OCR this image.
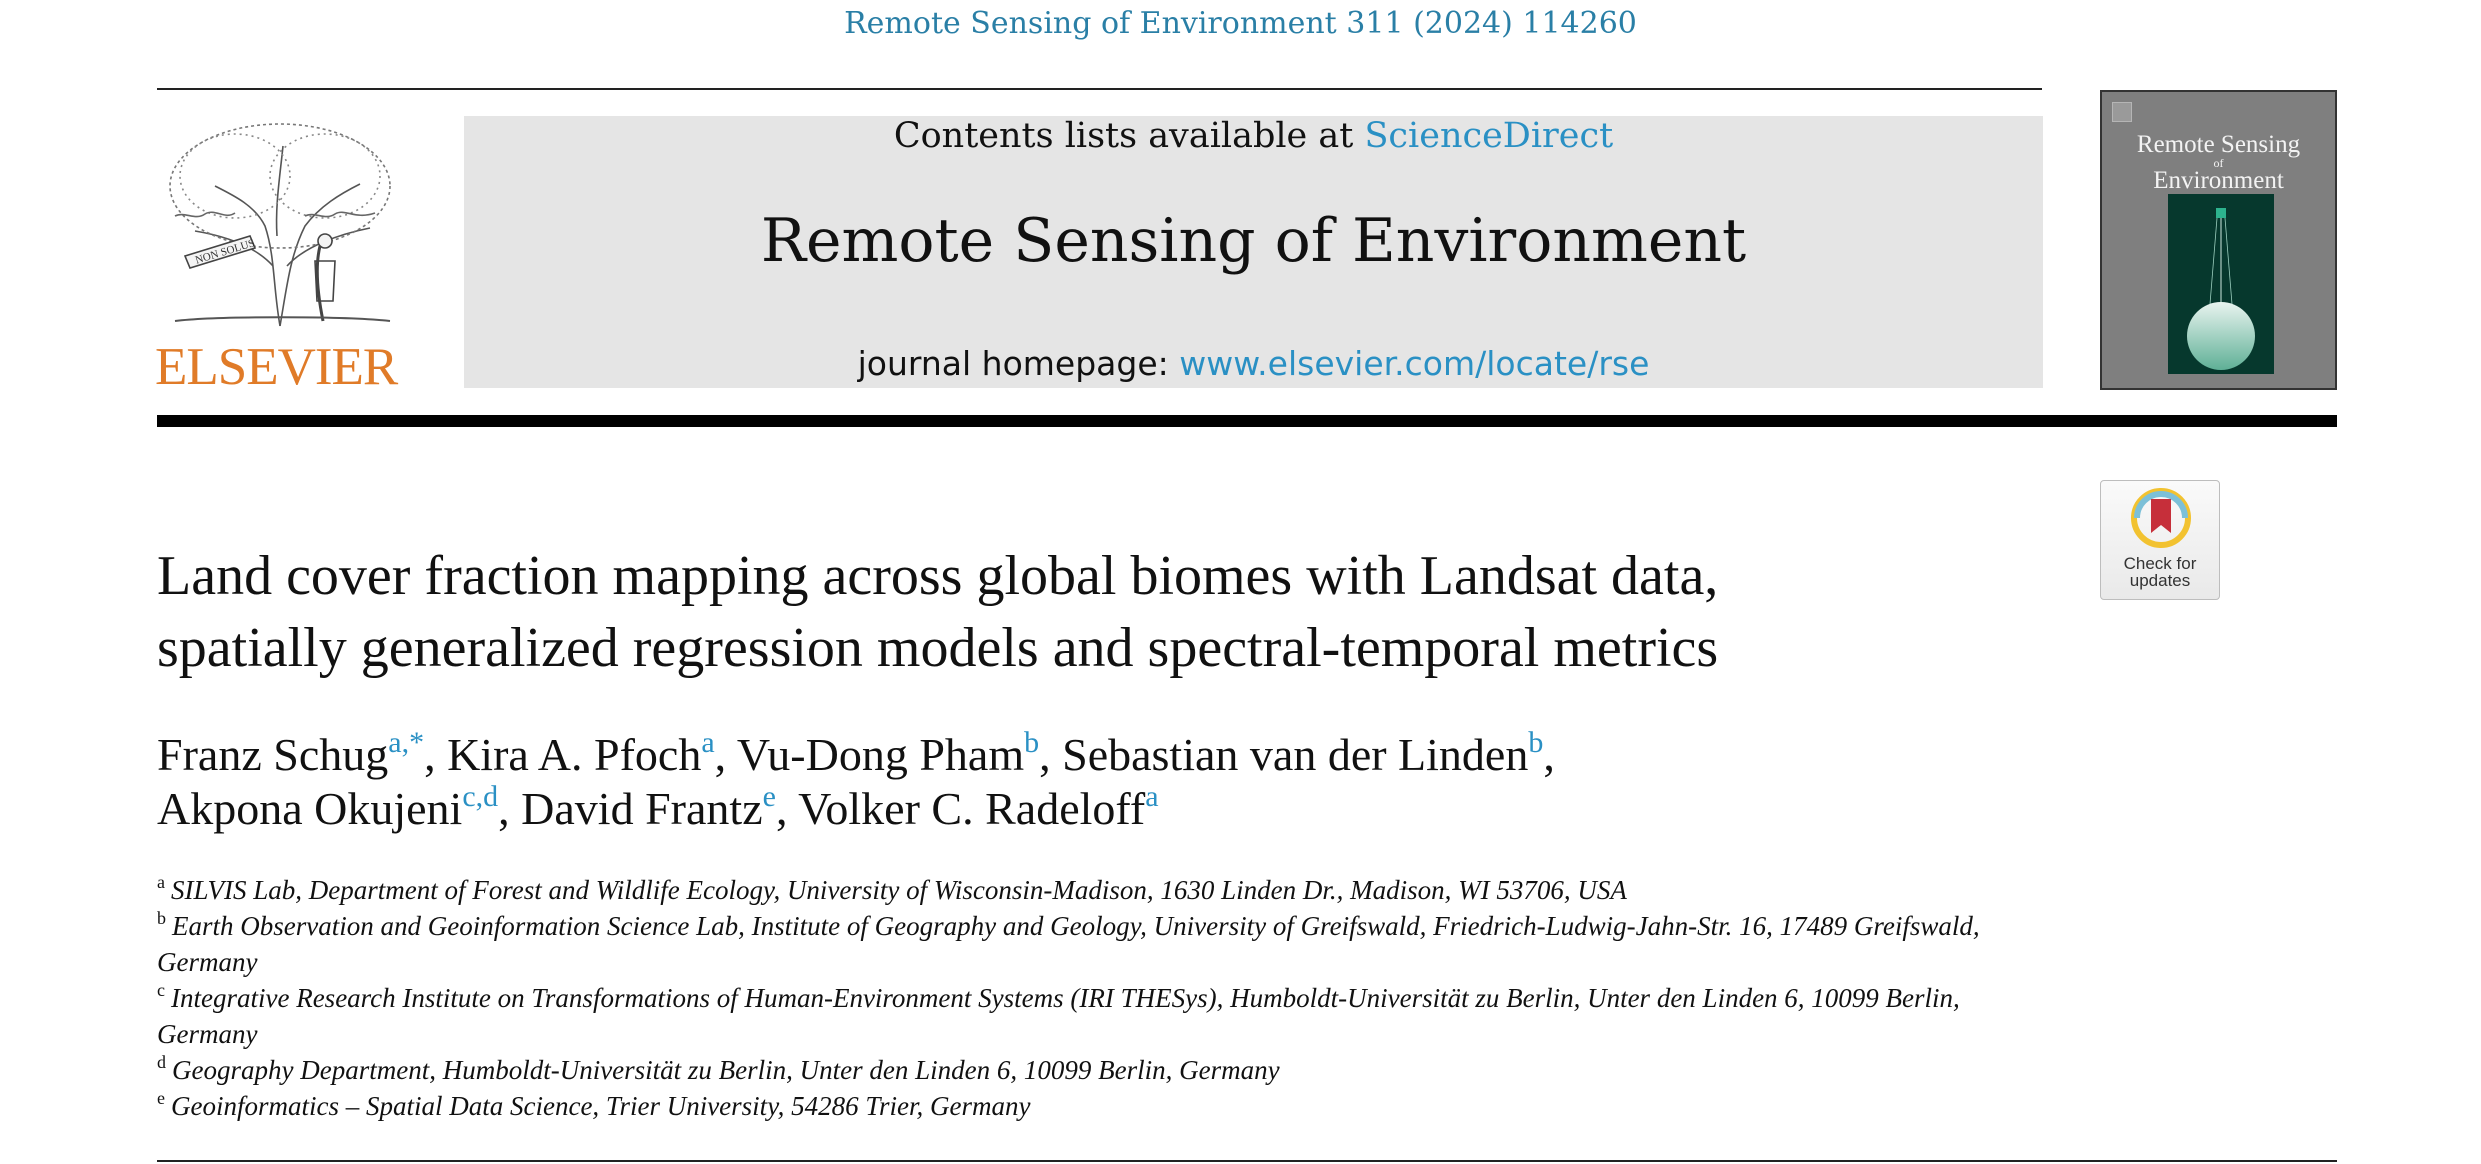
Remote Sensing of Environment 311 (2024) 114260
NON SOLUS
ELSEVIER
Contents lists available at ScienceDirect
Remote Sensing of Environment
journal homepage: www.elsevier.com/locate/rse
Remote Sensing
of
Environment
Check for
updates
Land cover fraction mapping across global biomes with Landsat data,
spatially generalized regression models and spectral-temporal metrics
Franz Schug$^{a,*}$, Kira A. Pfoch$^a$, Vu-Dong Pham$^b$, Sebastian van der Linden$^b$,
Akpona Okujeni$^{c,d}$, David Frantz$^e$, Volker C. Radeloff$^a$
$^a$ SILVIS Lab, Department of Forest and Wildlife Ecology, University of Wisconsin-Madison, 1630 Linden Dr., Madison, WI 53706, USA
$^b$ Earth Observation and Geoinformation Science Lab, Institute of Geography and Geology, University of Greifswald, Friedrich-Ludwig-Jahn-Str. 16, 17489 Greifswald, Germany
$^c$ Integrative Research Institute on Transformations of Human-Environment Systems (IRI THESys), Humboldt-Universität zu Berlin, Unter den Linden 6, 10099 Berlin, Germany
$^d$ Geography Department, Humboldt-Universität zu Berlin, Unter den Linden 6, 10099 Berlin, Germany
$^e$ Geoinformatics – Spatial Data Science, Trier University, 54286 Trier, Germany
